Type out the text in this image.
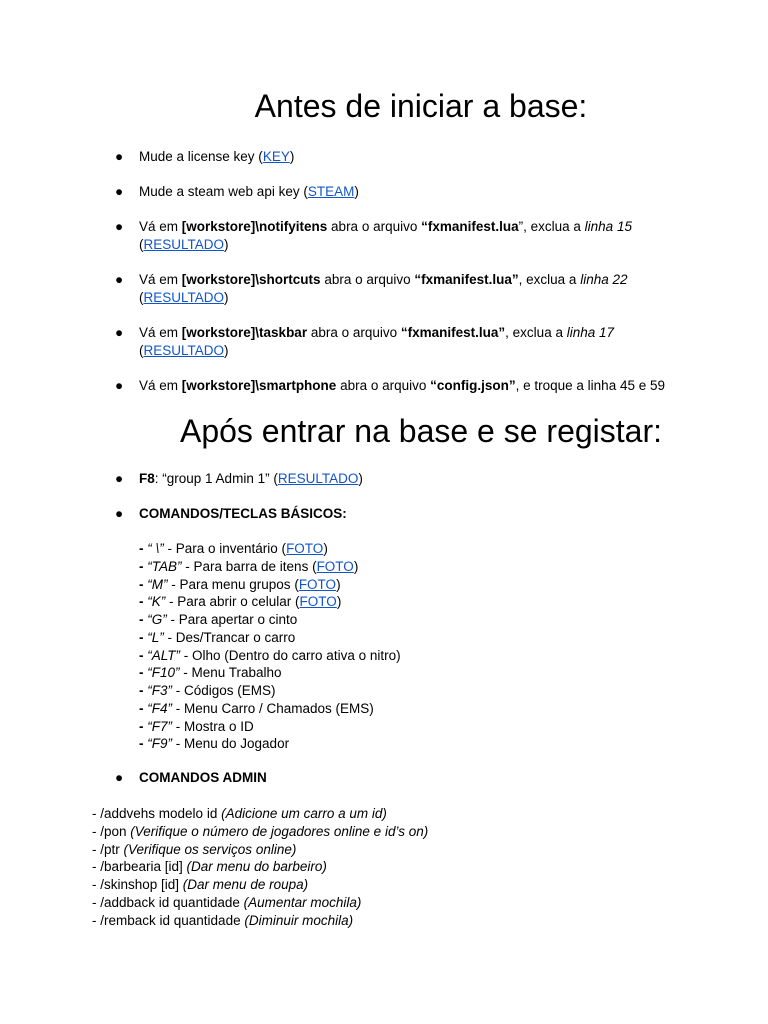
Antes de iniciar a base:
● Mude a license key (KEY)
● Mude a steam web api key (STEAM)
● Vá em [workstore]\notifyitens abra o arquivo “fxmanifest.lua”, exclua a linha 15
(RESULTADO)
● Vá em [workstore]\shortcuts abra o arquivo “fxmanifest.lua”, exclua a linha 22
(RESULTADO)
● Vá em [workstore]\taskbar abra o arquivo “fxmanifest.lua”, exclua a linha 17
(RESULTADO)
● Vá em [workstore]\smartphone abra o arquivo “config.json”, e troque a linha 45 e 59
Após entrar na base e se registar:
● F8: “group 1 Admin 1” (RESULTADO)
● COMANDOS/TECLAS BÁSICOS:
- “ \” - Para o inventário (FOTO)
- “TAB” - Para barra de itens (FOTO)
- “M” - Para menu grupos (FOTO)
- “K” - Para abrir o celular (FOTO)
- “G” - Para apertar o cinto
- “L” - Des/Trancar o carro
- “ALT” - Olho (Dentro do carro ativa o nitro)
- “F10” - Menu Trabalho
- “F3” - Códigos (EMS)
- “F4” - Menu Carro / Chamados (EMS)
- “F7” - Mostra o ID
- “F9” - Menu do Jogador
● COMANDOS ADMIN
- /addvehs modelo id (Adicione um carro a um id)
- /pon (Verifique o número de jogadores online e id’s on)
- /ptr (Verifique os serviços online)
- /barbearia [id] (Dar menu do barbeiro)
- /skinshop [id] (Dar menu de roupa)
- /addback id quantidade (Aumentar mochila)
- /remback id quantidade (Diminuir mochila)
